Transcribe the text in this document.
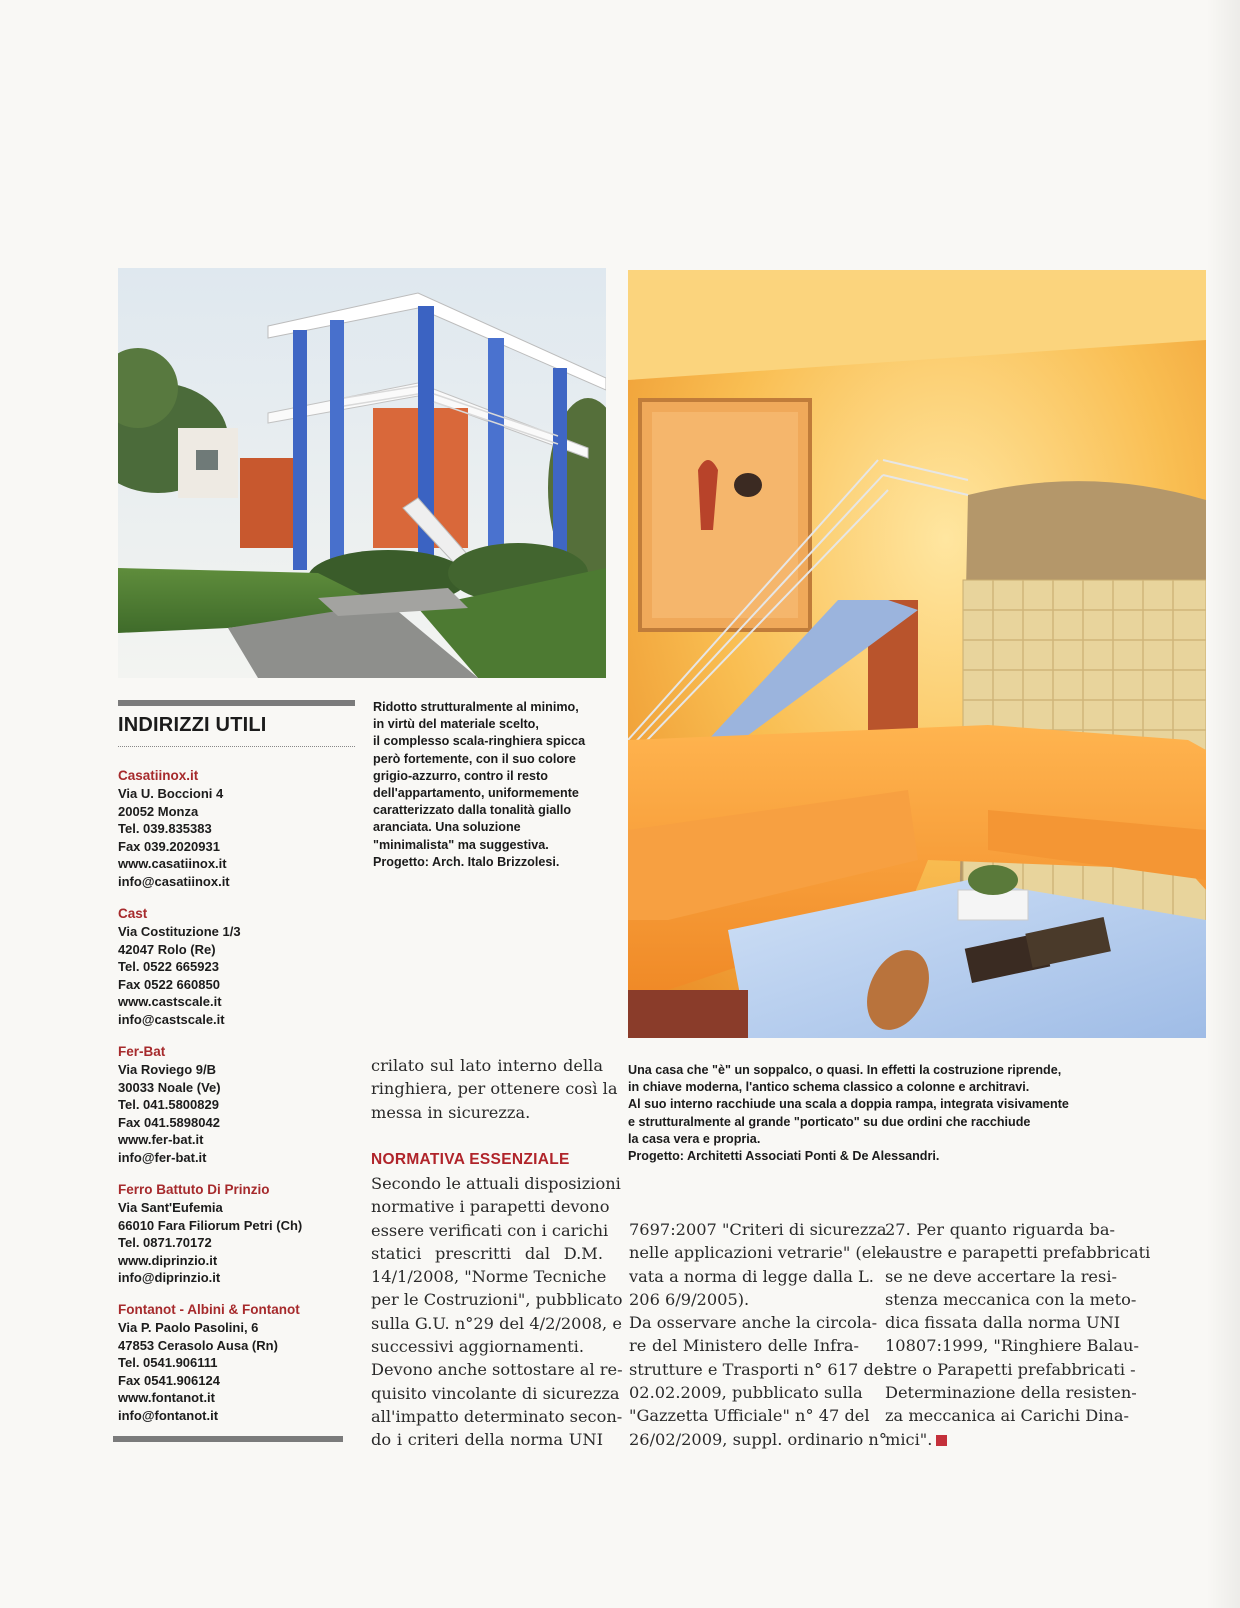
INDIRIZZI UTILI
Casatiinox.it
Via U. Boccioni 4
20052 Monza
Tel. 039.835383
Fax 039.2020931
www.casatiinox.it
info@casatiinox.it
Cast
Via Costituzione 1/3
42047 Rolo (Re)
Tel. 0522 665923
Fax 0522 660850
www.castscale.it
info@castscale.it
Fer-Bat
Via Roviego 9/B
30033 Noale (Ve)
Tel. 041.5800829
Fax 041.5898042
www.fer-bat.it
info@fer-bat.it
Ferro Battuto Di Prinzio
Via Sant'Eufemia
66010 Fara Filiorum Petri (Ch)
Tel. 0871.70172
www.diprinzio.it
info@diprinzio.it
Fontanot - Albini & Fontanot
Via P. Paolo Pasolini, 6
47853 Cerasolo Ausa (Rn)
Tel. 0541.906111
Fax 0541.906124
www.fontanot.it
info@fontanot.it
Ridotto strutturalmente al minimo,
in virtù del materiale scelto,
il complesso scala-ringhiera spicca
però fortemente, con il suo colore
grigio-azzurro, contro il resto
dell'appartamento, uniformemente
caratterizzato dalla tonalità giallo
aranciata. Una soluzione
"minimalista" ma suggestiva.
Progetto: Arch. Italo Brizzolesi.
Una casa che "è" un soppalco, o quasi. In effetti la costruzione riprende,
in chiave moderna, l'antico schema classico a colonne e architravi.
Al suo interno racchiude una scala a doppia rampa, integrata visivamente
e strutturalmente al grande "porticato" su due ordini che racchiude
la casa vera e propria.
Progetto: Architetti Associati Ponti & De Alessandri.
crilato sul lato interno della
ringhiera, per ottenere così la
messa in sicurezza.
NORMATIVA ESSENZIALE
Secondo le attuali disposizioni
normative i parapetti devono
essere verificati con i carichi
statici prescritti dal D.M.
14/1/2008, "Norme Tecniche
per le Costruzioni", pubblicato
sulla G.U. n°29 del 4/2/2008, e
successivi aggiornamenti.
Devono anche sottostare al re-
quisito vincolante di sicurezza
all'impatto determinato secon-
do i criteri della norma UNI
7697:2007 "Criteri di sicurezza
nelle applicazioni vetrarie" (ele-
vata a norma di legge dalla L.
206 6/9/2005).
Da osservare anche la circola-
re del Ministero delle Infra-
strutture e Trasporti n° 617 del
02.02.2009, pubblicato sulla
"Gazzetta Ufficiale" n° 47 del
26/02/2009, suppl. ordinario n°
27. Per quanto riguarda ba-
laustre e parapetti prefabbricati
se ne deve accertare la resi-
stenza meccanica con la meto-
dica fissata dalla norma UNI
10807:1999, "Ringhiere Balau-
stre o Parapetti prefabbricati -
Determinazione della resisten-
za meccanica ai Carichi Dina-
mici".
